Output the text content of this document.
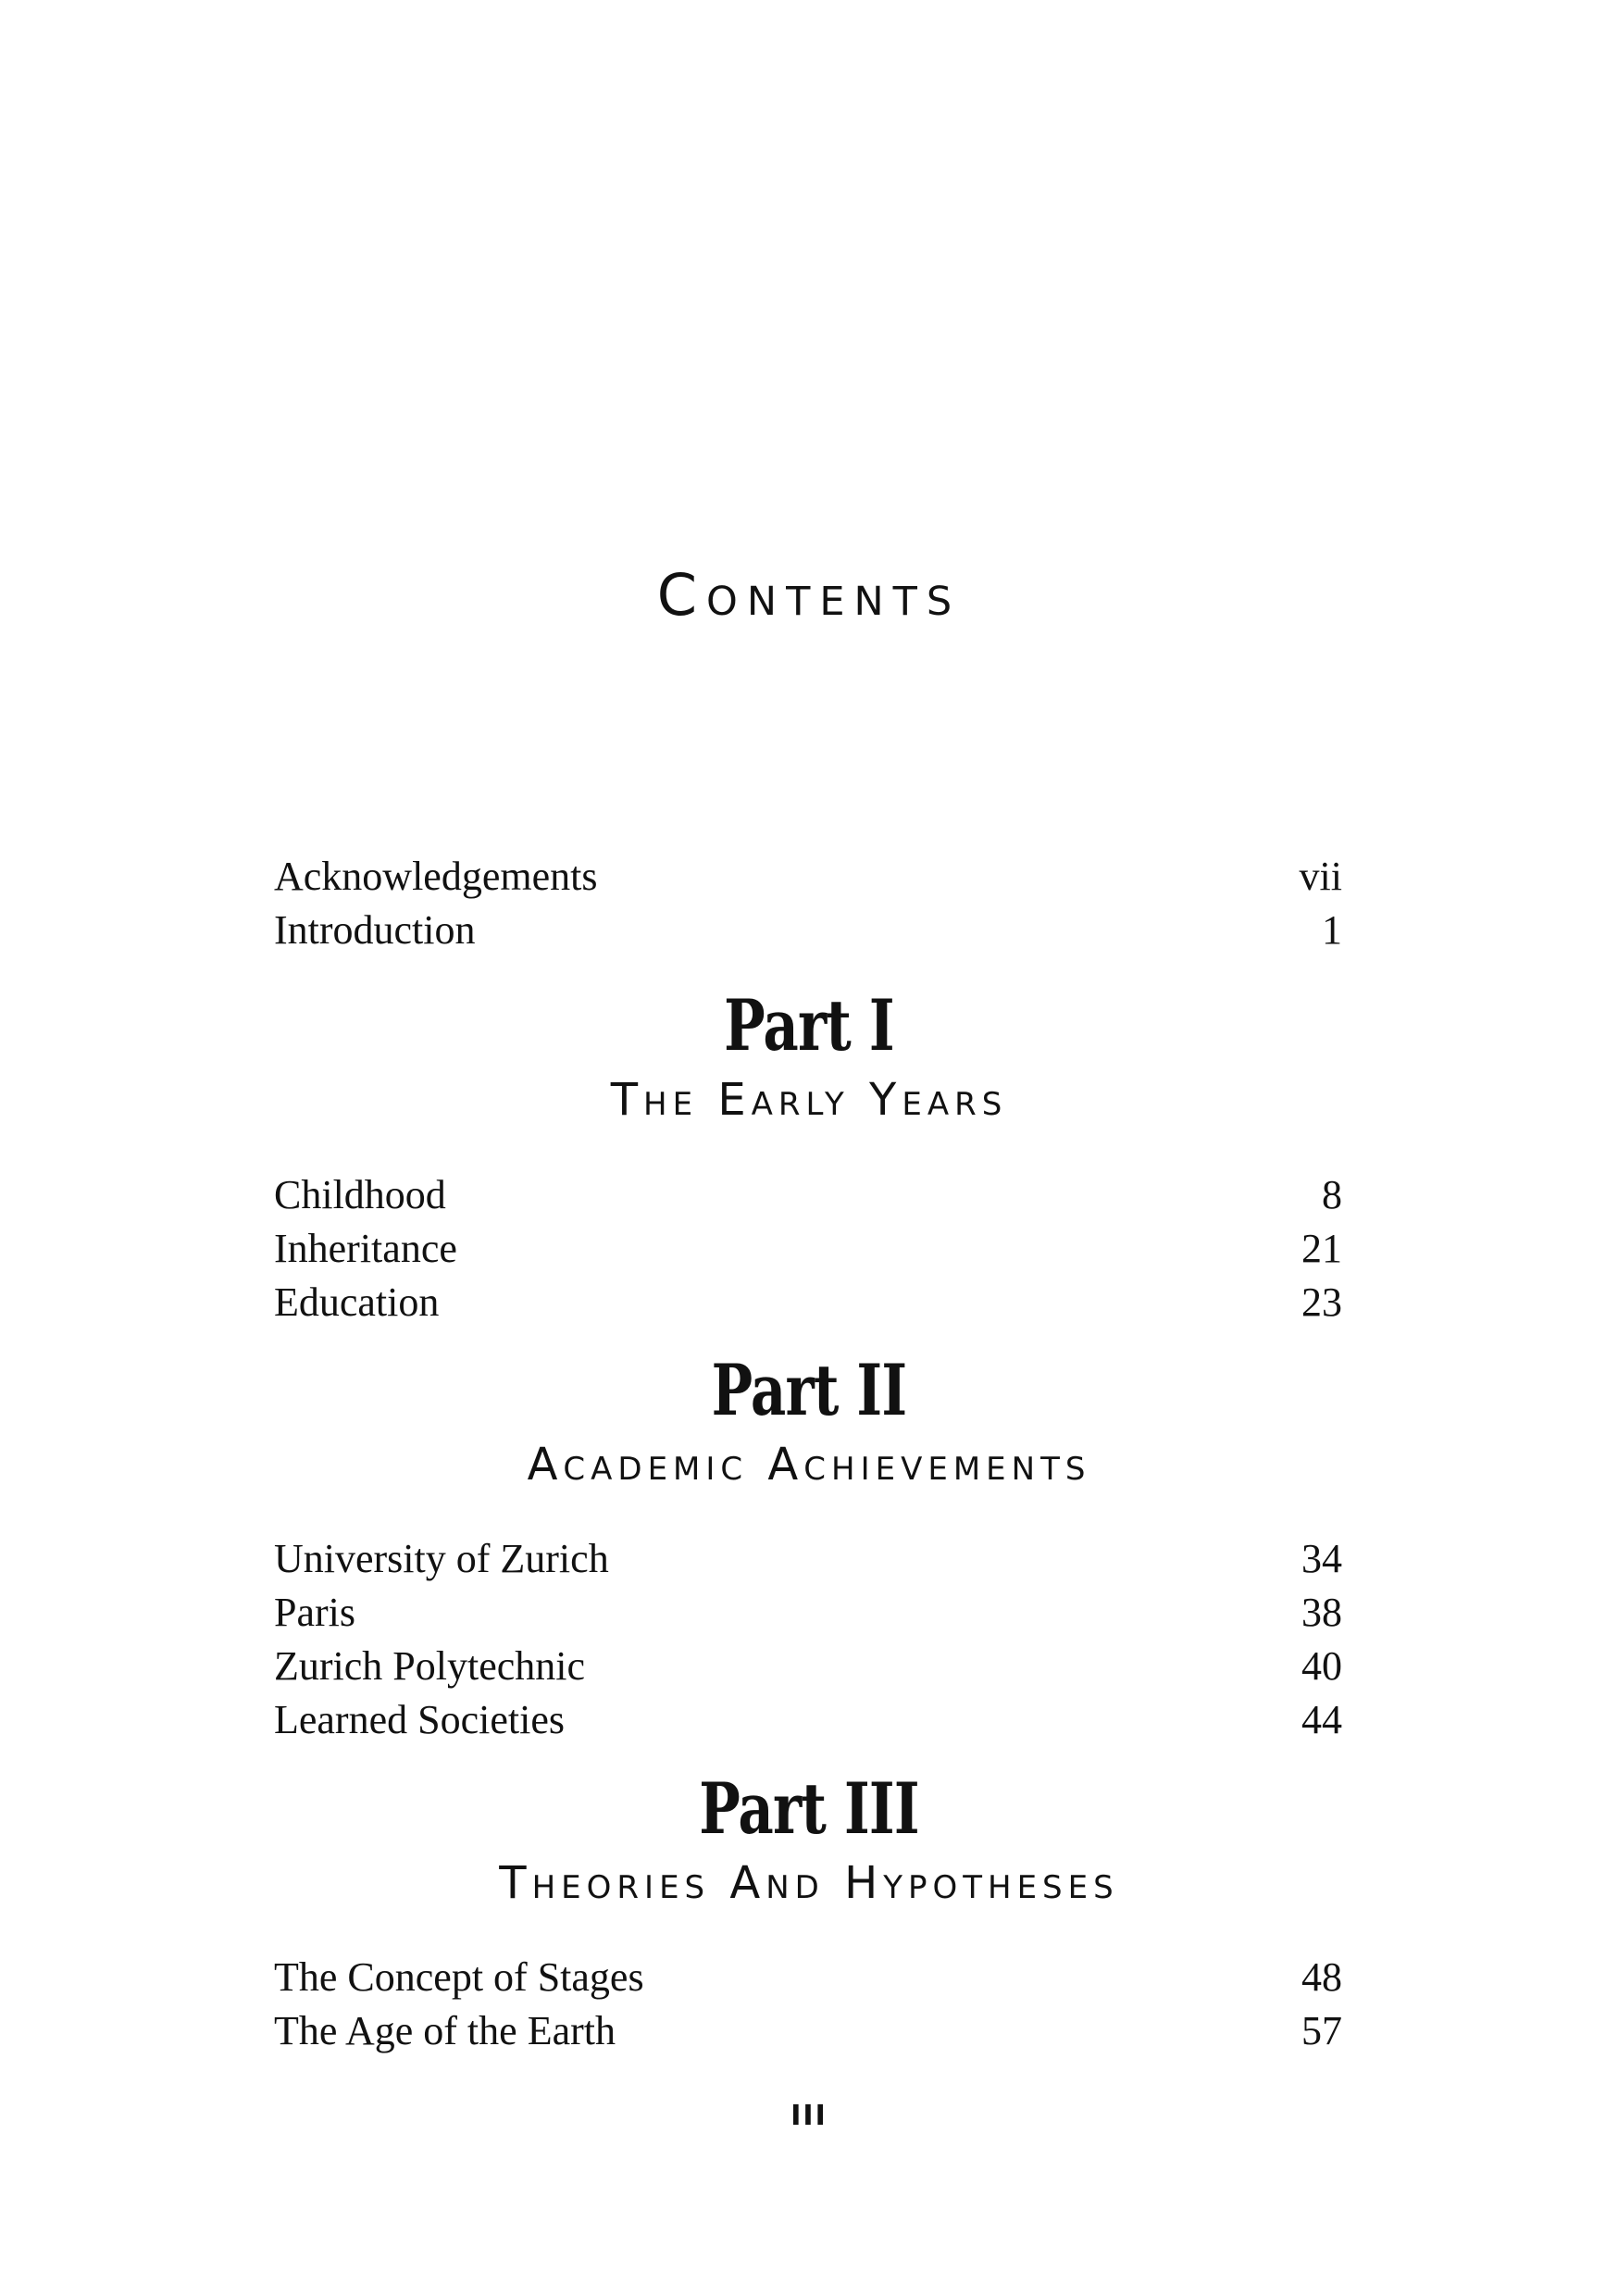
Contents
Acknowledgements	vii
Introduction	1
Part I
The Early Years
Childhood	8
Inheritance	21
Education	23
Part II
Academic Achievements
University of Zurich	34
Paris	38
Zurich Polytechnic	40
Learned Societies	44
Part III
Theories And Hypotheses
The Concept of Stages	48
The Age of the Earth	57
III
